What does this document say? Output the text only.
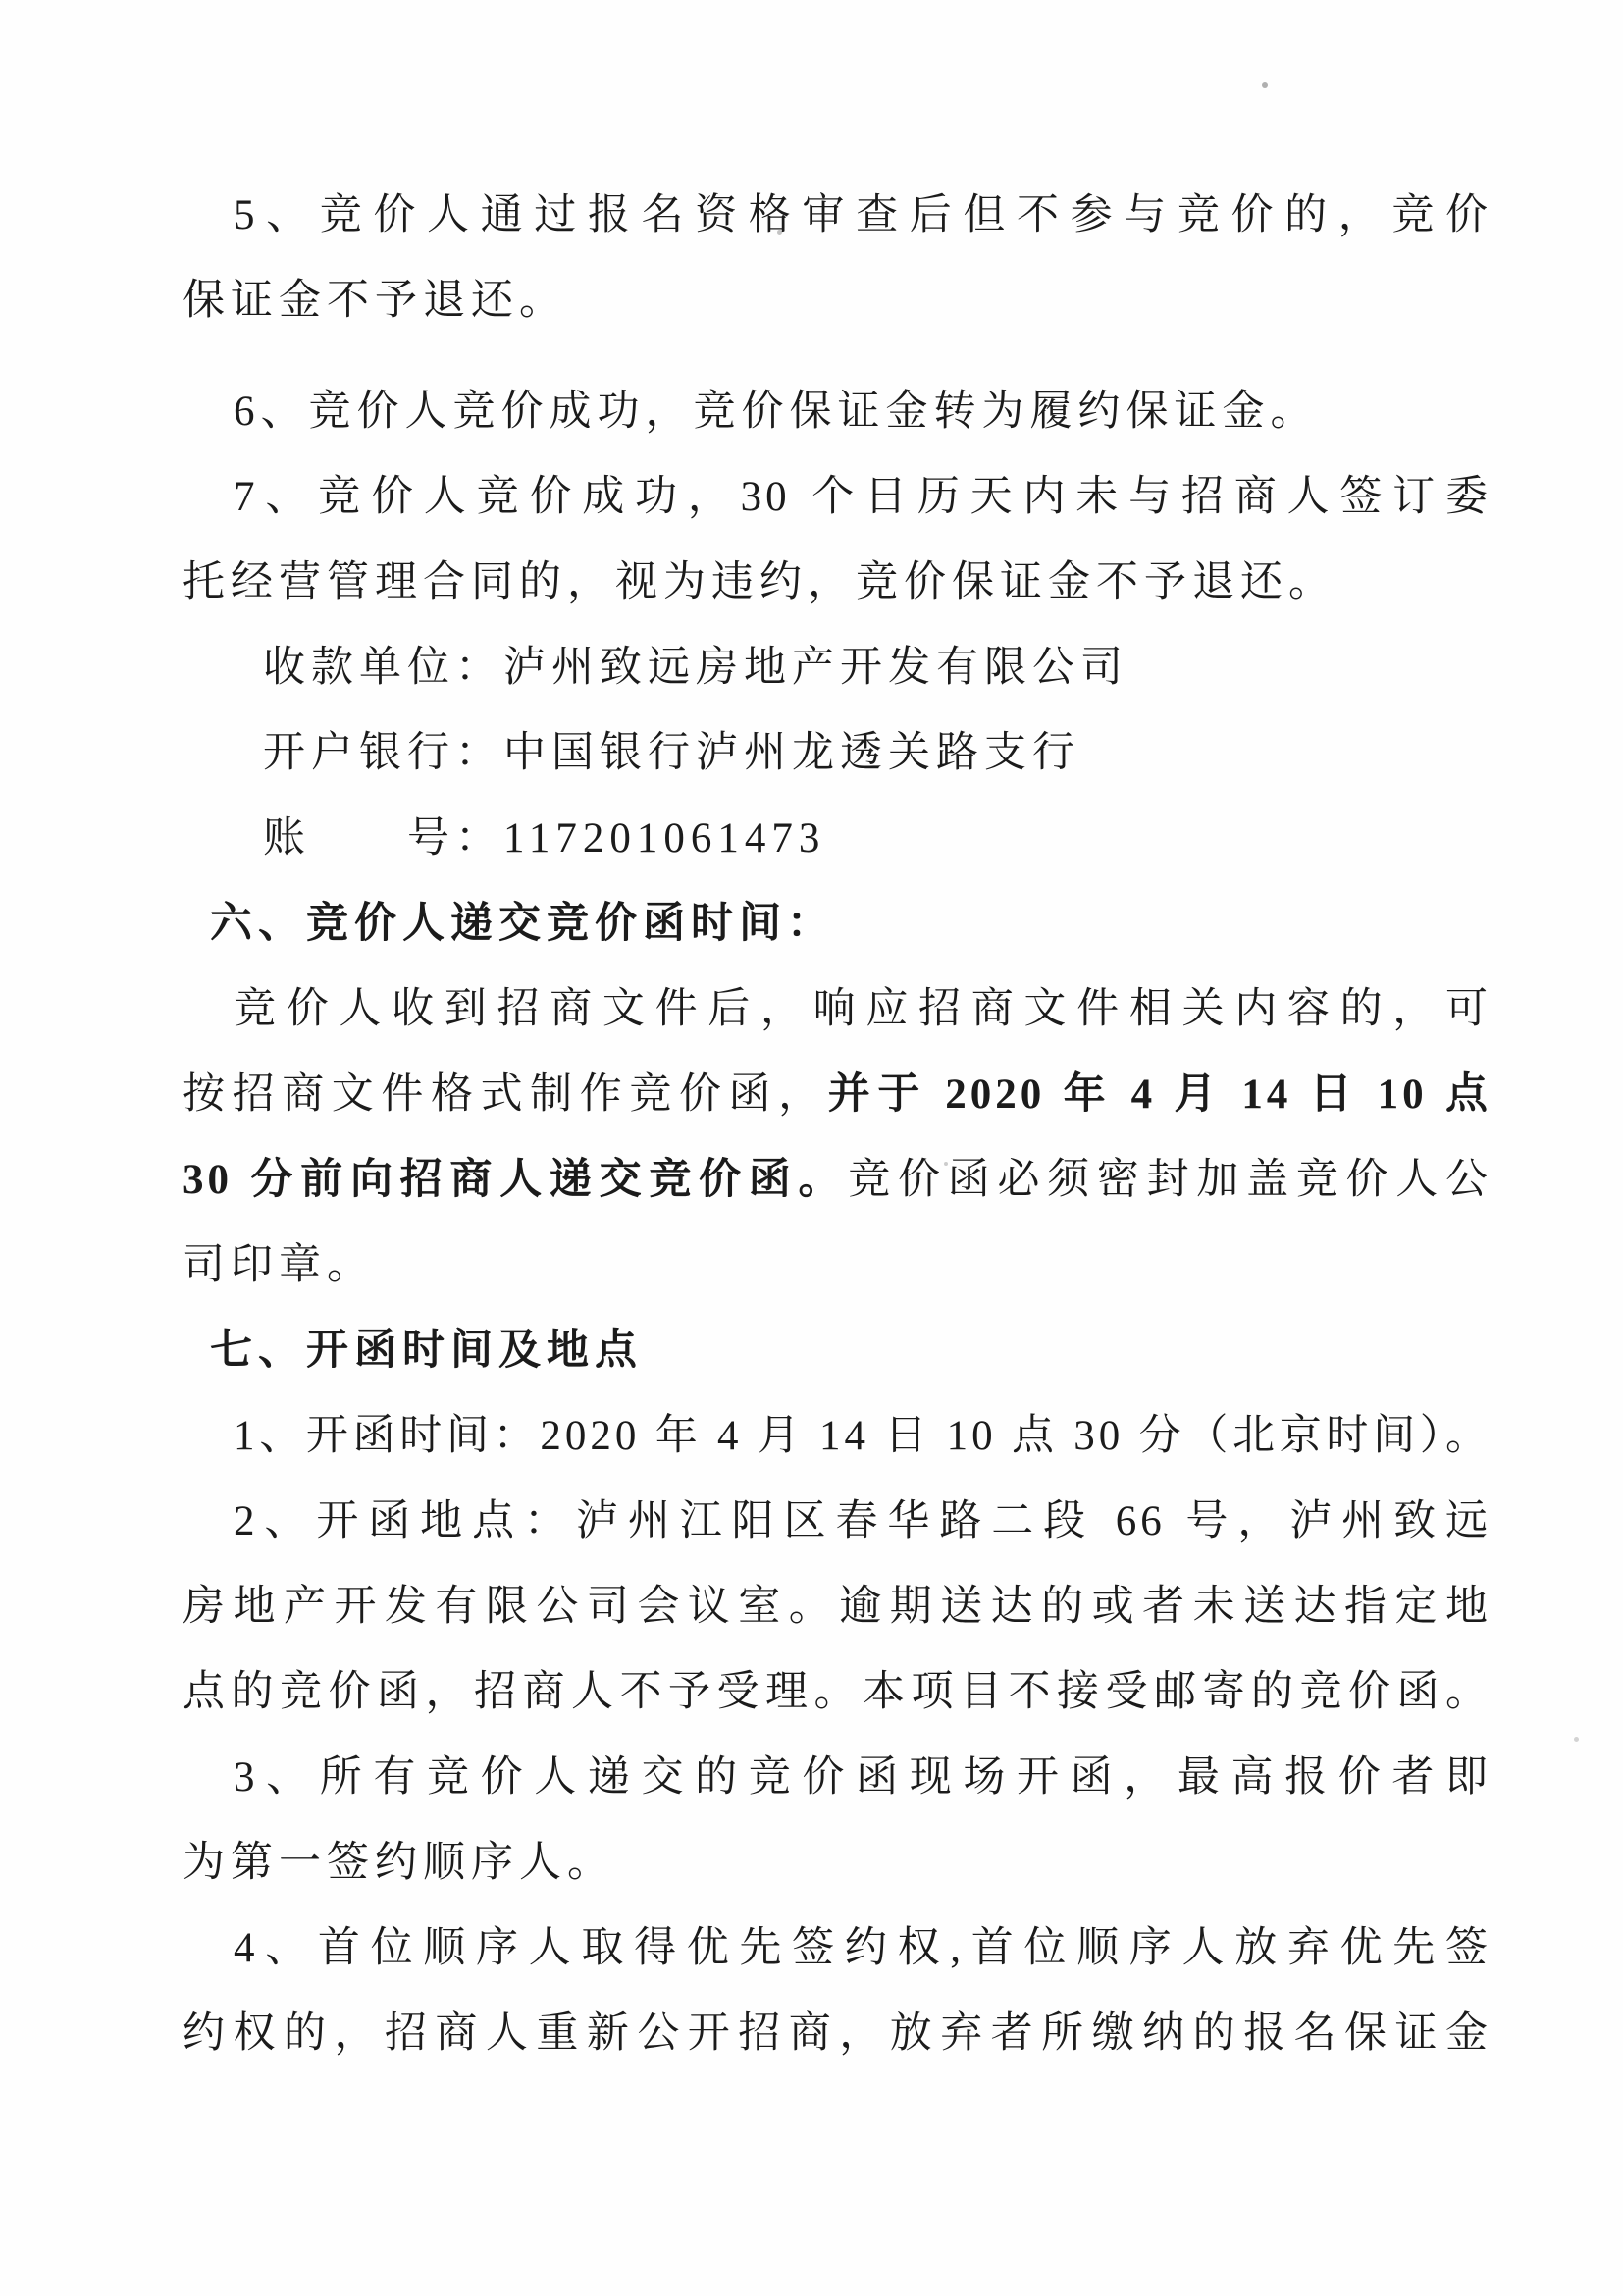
5、竞价人通过报名资格审查后但不参与竞价的，竞价

保证金不予退还。

6、竞价人竞价成功，竞价保证金转为履约保证金。

7、竞价人竞价成功，30 个日历天内未与招商人签订委

托经营管理合同的，视为违约，竞价保证金不予退还。

收款单位：泸州致远房地产开发有限公司

开户银行：中国银行泸州龙透关路支行

账　　号：117201061473

六、竞价人递交竞价函时间：

竞价人收到招商文件后，响应招商文件相关内容的，可

按招商文件格式制作竞价函，并于 2020 年 4 月 14 日 10 点

30 分前向招商人递交竞价函。竞价函必须密封加盖竞价人公

司印章。

七、开函时间及地点

1、开函时间：2020 年 4 月 14 日 10 点 30 分（北京时间）。

2、开函地点：泸州江阳区春华路二段 66 号，泸州致远

房地产开发有限公司会议室。逾期送达的或者未送达指定地

点的竞价函，招商人不予受理。本项目不接受邮寄的竞价函。

3、所有竞价人递交的竞价函现场开函，最高报价者即

为第一签约顺序人。

4、首位顺序人取得优先签约权,首位顺序人放弃优先签

约权的，招商人重新公开招商，放弃者所缴纳的报名保证金
